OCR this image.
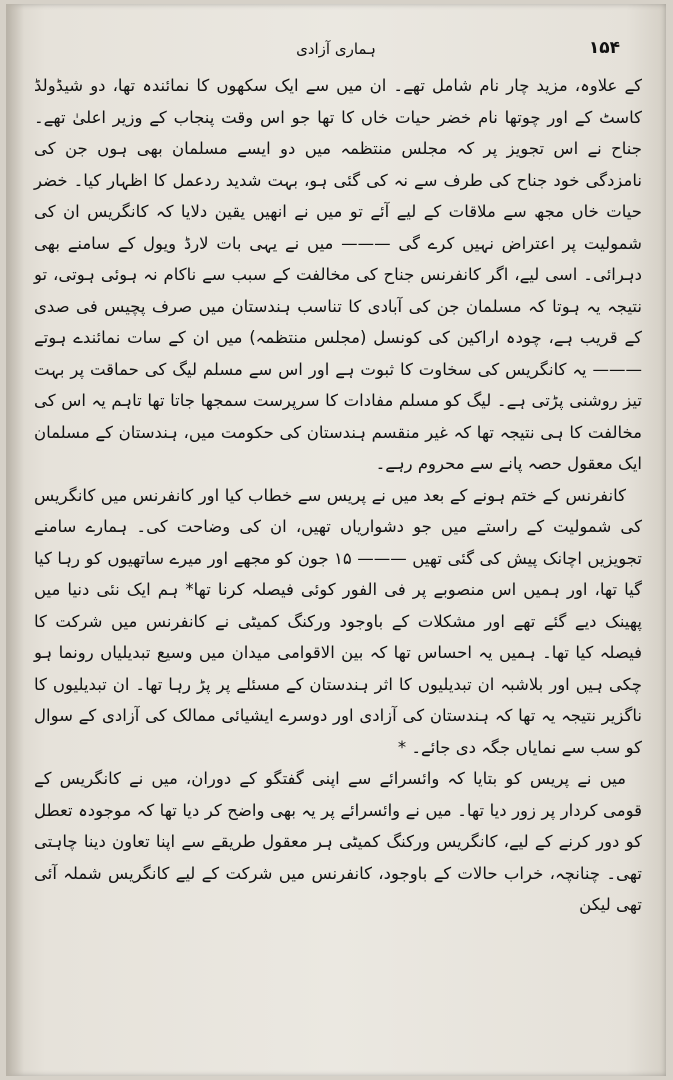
ہماری آزادی	۱۵۴

کے علاوہ، مزید چار نام شامل تھے۔ ان میں سے ایک سکھوں کا نمائندہ تھا، دو شیڈولڈ کاسٹ کے اور چوتھا نام خضر حیات خاں کا تھا جو اس وقت پنجاب کے وزیر اعلیٰ تھے۔ جناح نے اس تجویز پر کہ مجلس منتظمہ میں دو ایسے مسلمان بھی ہوں جن کی نامزدگی خود جناح کی طرف سے نہ کی گئی ہو، بہت شدید ردعمل کا اظہار کیا۔ خضر حیات خاں مجھ سے ملاقات کے لیے آئے تو میں نے انھیں یقین دلایا کہ کانگریس ان کی شمولیت پر اعتراض نہیں کرے گی ——— میں نے یہی بات لارڈ ویول کے سامنے بھی دہرائی۔ اسی لیے، اگر کانفرنس جناح کی مخالفت کے سبب سے ناکام نہ ہوئی ہوتی، تو نتیجہ یہ ہوتا کہ مسلمان جن کی آبادی کا تناسب ہندستان میں صرف پچیس فی صدی کے قریب ہے، چودہ اراکین کی کونسل (مجلس منتظمہ) میں ان کے سات نمائندے ہوتے ——— یہ کانگریس کی سخاوت کا ثبوت ہے اور اس سے مسلم لیگ کی حماقت پر بہت تیز روشنی پڑتی ہے۔ لیگ کو مسلم مفادات کا سرپرست سمجھا جاتا تھا تاہم یہ اس کی مخالفت کا ہی نتیجہ تھا کہ غیر منقسم ہندستان کی حکومت میں، ہندستان کے مسلمان ایک معقول حصہ پانے سے محروم رہے۔

کانفرنس کے ختم ہونے کے بعد میں نے پریس سے خطاب کیا اور کانفرنس میں کانگریس کی شمولیت کے راستے میں جو دشواریاں تھیں، ان کی وضاحت کی۔ ہمارے سامنے تجویزیں اچانک پیش کی گئی تھیں ——— ۱۵ جون کو مجھے اور میرے ساتھیوں کو رہا کیا گیا تھا، اور ہمیں اس منصوبے پر فی الفور کوئی فیصلہ کرنا تھا* ہم ایک نئی دنیا میں پھینک دیے گئے تھے اور مشکلات کے باوجود ورکنگ کمیٹی نے کانفرنس میں شرکت کا فیصلہ کیا تھا۔ ہمیں یہ احساس تھا کہ بین الاقوامی میدان میں وسیع تبدیلیاں رونما ہو چکی ہیں اور بلاشبہ ان تبدیلیوں کا اثر ہندستان کے مسئلے پر پڑ رہا تھا۔ ان تبدیلیوں کا ناگزیر نتیجہ یہ تھا کہ ہندستان کی آزادی اور دوسرے ایشیائی ممالک کی آزادی کے سوال کو سب سے نمایاں جگہ دی جائے۔ *

میں نے پریس کو بتایا کہ وائسرائے سے اپنی گفتگو کے دوران، میں نے کانگریس کے قومی کردار پر زور دیا تھا۔ میں نے وائسرائے پر یہ بھی واضح کر دیا تھا کہ موجودہ تعطل کو دور کرنے کے لیے، کانگریس ورکنگ کمیٹی ہر معقول طریقے سے اپنا تعاون دینا چاہتی تھی۔ چنانچہ، خراب حالات کے باوجود، کانفرنس میں شرکت کے لیے کانگریس شملہ آئی تھی لیکن
